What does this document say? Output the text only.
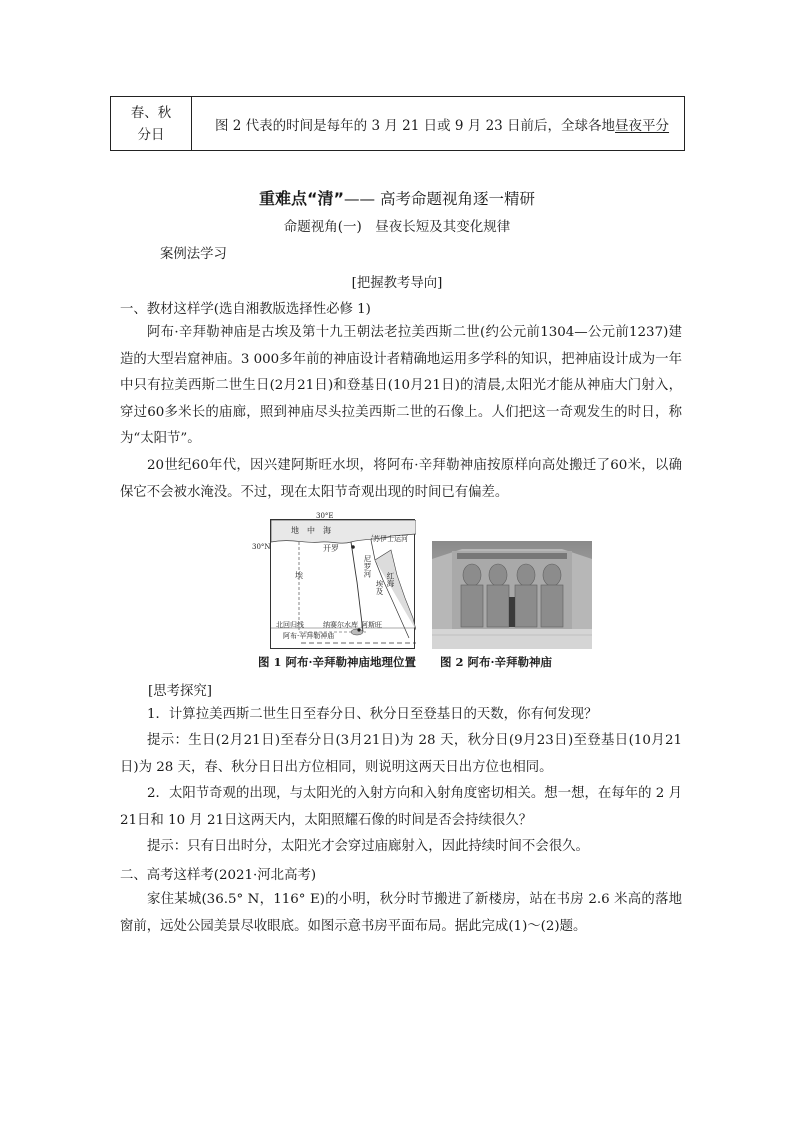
春、秋
分日
图 2 代表的时间是每年的 3 月 21 日或 9 月 23 日前后，全球各地昼夜平分
重难点“清”—— 高考命题视角逐一精研
命题视角(一)　昼夜长短及其变化规律
案例法学习
[把握教考导向]
一、教材这样学(选自湘教版选择性必修 1)
阿布·辛拜勒神庙是古埃及第十九王朝法老拉美西斯二世(约公元前1304—公元前1237)建造的大型岩窟神庙。3 000多年前的神庙设计者精确地运用多学科的知识，把神庙设计成为一年中只有拉美西斯二世生日(2月21日)和登基日(10月21日)的清晨,太阳光才能从神庙大门射入，穿过60多米长的庙廊，照到神庙尽头拉美西斯二世的石像上。人们把这一奇观发生的时日，称为“太阳节”。
20世纪60年代，因兴建阿斯旺水坝，将阿布·辛拜勒神庙按原样向高处搬迁了60米，以确保它不会被水淹没。不过，现在太阳节奇观出现的时间已有偏差。
地　中　海
开罗
苏伊士运河
埃	尼罗河
埃及
红海
阿斯旺
北回归线	纳赛尔水库
阿布·辛拜勒神庙
30°E
30°N
图 1 阿布·辛拜勒神庙地理位置 图 2 阿布·辛拜勒神庙
[思考探究]
1．计算拉美西斯二世生日至春分日、秋分日至登基日的天数，你有何发现？
提示：生日(2月21日)至春分日(3月21日)为 28 天，秋分日(9月23日)至登基日(10月21日)为 28 天，春、秋分日日出方位相同，则说明这两天日出方位也相同。
2．太阳节奇观的出现，与太阳光的入射方向和入射角度密切相关。想一想，在每年的 2 月 21日和 10 月 21日这两天内，太阳照耀石像的时间是否会持续很久？
提示：只有日出时分，太阳光才会穿过庙廊射入，因此持续时间不会很久。
二、高考这样考(2021·河北高考)
家住某城(36.5° N，116° E)的小明，秋分时节搬进了新楼房，站在书房 2.6 米高的落地窗前，远处公园美景尽收眼底。如图示意书房平面布局。据此完成(1)～(2)题。
